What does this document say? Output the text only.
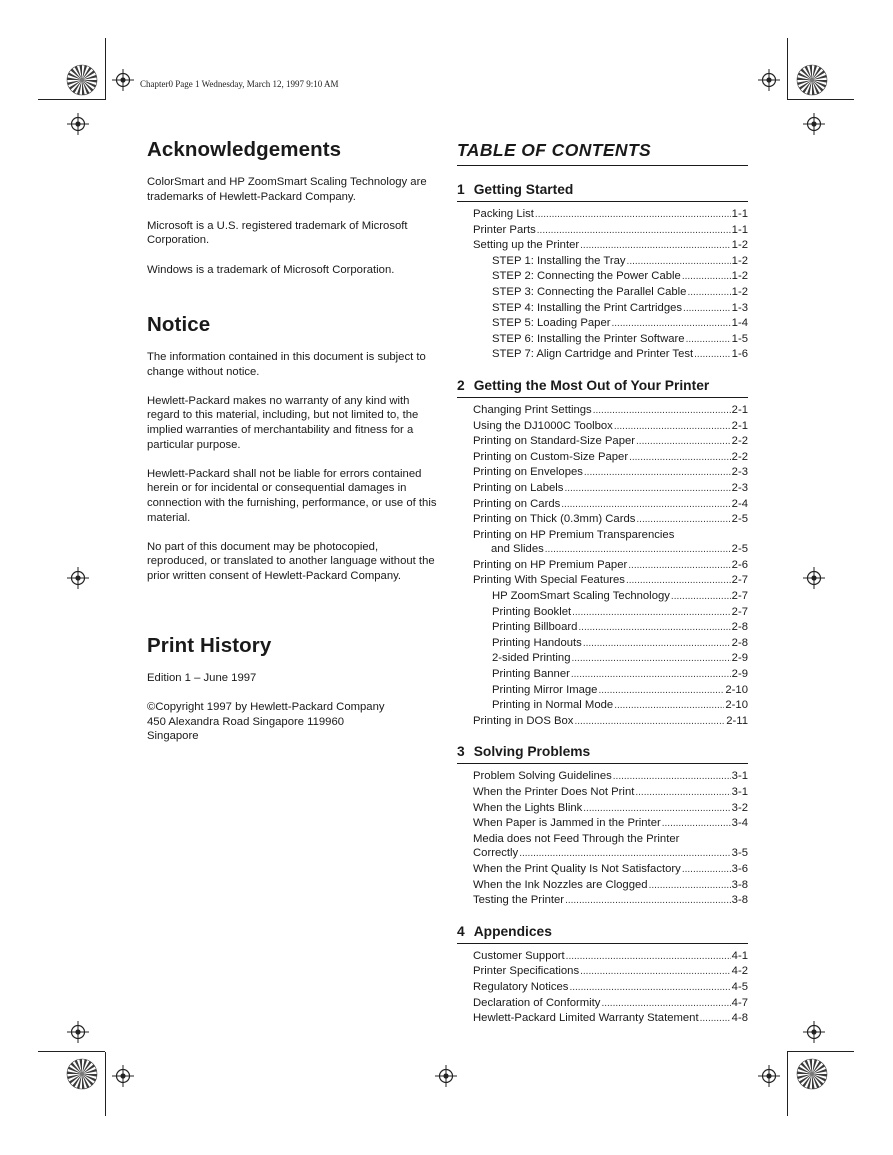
Chapter0 Page 1 Wednesday, March 12, 1997 9:10 AM
Acknowledgements

ColorSmart and HP ZoomSmart Scaling Technology are trademarks of Hewlett-Packard Company.

Microsoft is a U.S. registered trademark of Microsoft Corporation.

Windows is a trademark of Microsoft Corporation.

Notice

The information contained in this document is subject to change without notice.

Hewlett-Packard makes no warranty of any kind with regard to this material, including, but not limited to, the implied warranties of merchantability and fitness for a particular purpose.

Hewlett-Packard shall not be liable for errors contained herein or for incidental or consequential damages in connection with the furnishing, performance, or use of this material.

No part of this document may be photocopied, reproduced, or translated to another language without the prior written consent of Hewlett-Packard Company.

Print History

Edition 1 – June 1997

©Copyright 1997 by Hewlett-Packard Company
450 Alexandra Road Singapore 119960
Singapore
TABLE OF CONTENTS
1 Getting Started
Packing List .....	1-1
Printer Parts .....	1-1
Setting up the Printer .....	1-2
STEP 1: Installing the Tray .....	1-2
STEP 2: Connecting the Power Cable .....	1-2
STEP 3: Connecting the Parallel Cable .....	1-2
STEP 4: Installing the Print Cartridges .....	1-3
STEP 5: Loading Paper .....	1-4
STEP 6: Installing the Printer Software .....	1-5
STEP 7: Align Cartridge and Printer Test .....	1-6
2 Getting the Most Out of Your Printer
Changing Print Settings .....	2-1
Using the DJ1000C Toolbox .....	2-1
Printing on Standard-Size Paper .....	2-2
Printing on Custom-Size Paper .....	2-2
Printing on Envelopes .....	2-3
Printing on Labels .....	2-3
Printing on Cards .....	2-4
Printing on Thick (0.3mm) Cards .....	2-5
Printing on HP Premium Transparencies
and Slides .....	2-5
Printing on HP Premium Paper .....	2-6
Printing With Special Features .....	2-7
HP ZoomSmart Scaling Technology .....	2-7
Printing Booklet .....	2-7
Printing Billboard .....	2-8
Printing Handouts .....	2-8
2-sided Printing .....	2-9
Printing Banner .....	2-9
Printing Mirror Image .....	2-10
Printing in Normal Mode .....	2-10
Printing in DOS Box .....	2-11
3 Solving Problems
Problem Solving Guidelines .....	3-1
When the Printer Does Not Print .....	3-1
When the Lights Blink .....	3-2
When Paper is Jammed in the Printer .....	3-4
Media does not Feed Through the Printer
Correctly .....	3-5
When the Print Quality Is Not Satisfactory .....	3-6
When the Ink Nozzles are Clogged .....	3-8
Testing the Printer .....	3-8
4 Appendices
Customer Support .....	4-1
Printer Specifications .....	4-2
Regulatory Notices .....	4-5
Declaration of Conformity .....	4-7
Hewlett-Packard Limited Warranty Statement .....	4-8
